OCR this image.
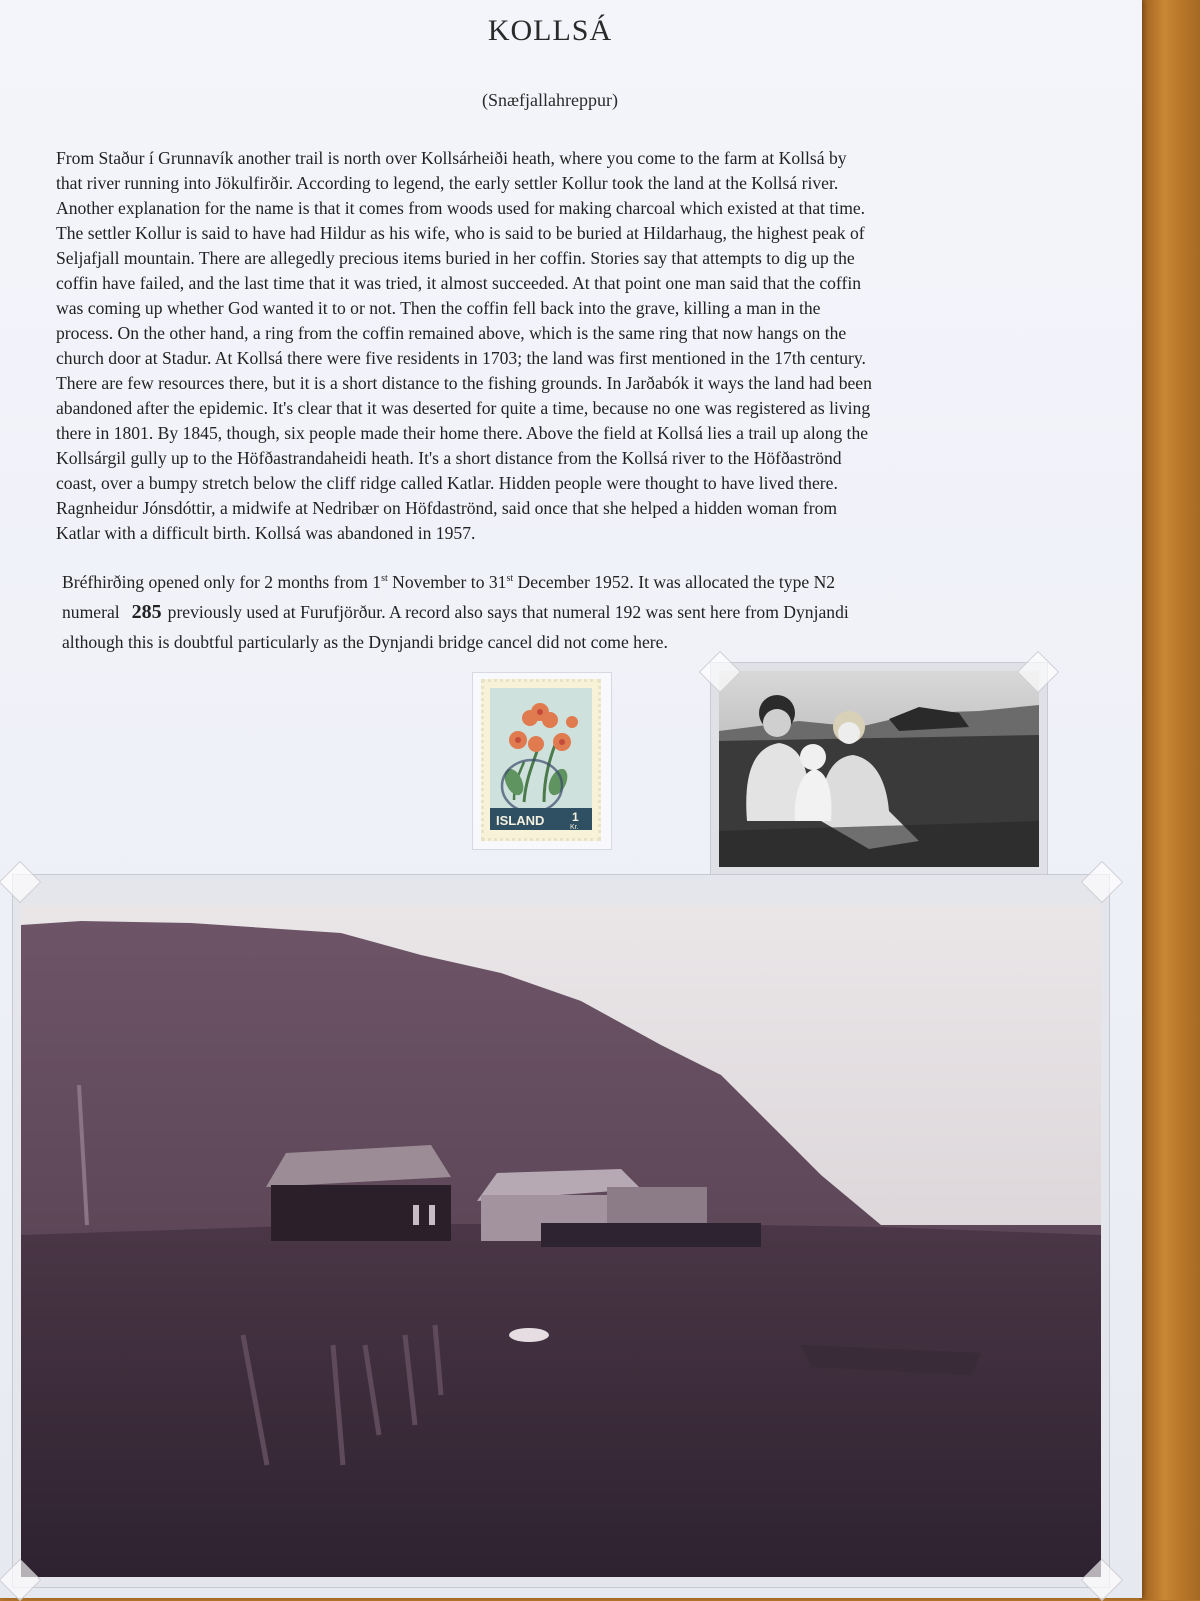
KOLLSÁ
(Snæfjallahreppur)

From Staður í Grunnavík another trail is north over Kollsárheiði heath, where you come to the farm at Kollsá by
that river running into Jökulfirðir. According to legend, the early settler Kollur took the land at the Kollsá river.
Another explanation for the name is that it comes from woods used for making charcoal which existed at that time.
The settler Kollur is said to have had Hildur as his wife, who is said to be buried at Hildarhaug, the highest peak of
Seljafjall mountain. There are allegedly precious items buried in her coffin. Stories say that attempts to dig up the
coffin have failed, and the last time that it was tried, it almost succeeded. At that point one man said that the coffin
was coming up whether God wanted it to or not. Then the coffin fell back into the grave, killing a man in the
process. On the other hand, a ring from the coffin remained above, which is the same ring that now hangs on the
church door at Stadur. At Kollsá there were five residents in 1703; the land was first mentioned in the 17th century.
There are few resources there, but it is a short distance to the fishing grounds. In Jarðabók it ways the land had been
abandoned after the epidemic. It's clear that it was deserted for quite a time, because no one was registered as living
there in 1801. By 1845, though, six people made their home there. Above the field at Kollsá lies a trail up along the
Kollsárgil gully up to the Höfðastrandaheidi heath. It's a short distance from the Kollsá river to the Höfðaströnd
coast, over a bumpy stretch below the cliff ridge called Katlar. Hidden people were thought to have lived there.
Ragnheidur Jónsdóttir, a midwife at Nedribær on Höfdaströnd, said once that she helped a hidden woman from
Katlar with a difficult birth. Kollsá was abandoned in 1957.

Bréfhirðing opened only for 2 months from 1st November to 31st December 1952. It was allocated the type N2
numeral 285 previously used at Furufjörður. A record also says that numeral 192 was sent here from Dynjandi
although this is doubtful particularly as the Dynjandi bridge cancel did not come here.

ISLAND 1
Kr.
